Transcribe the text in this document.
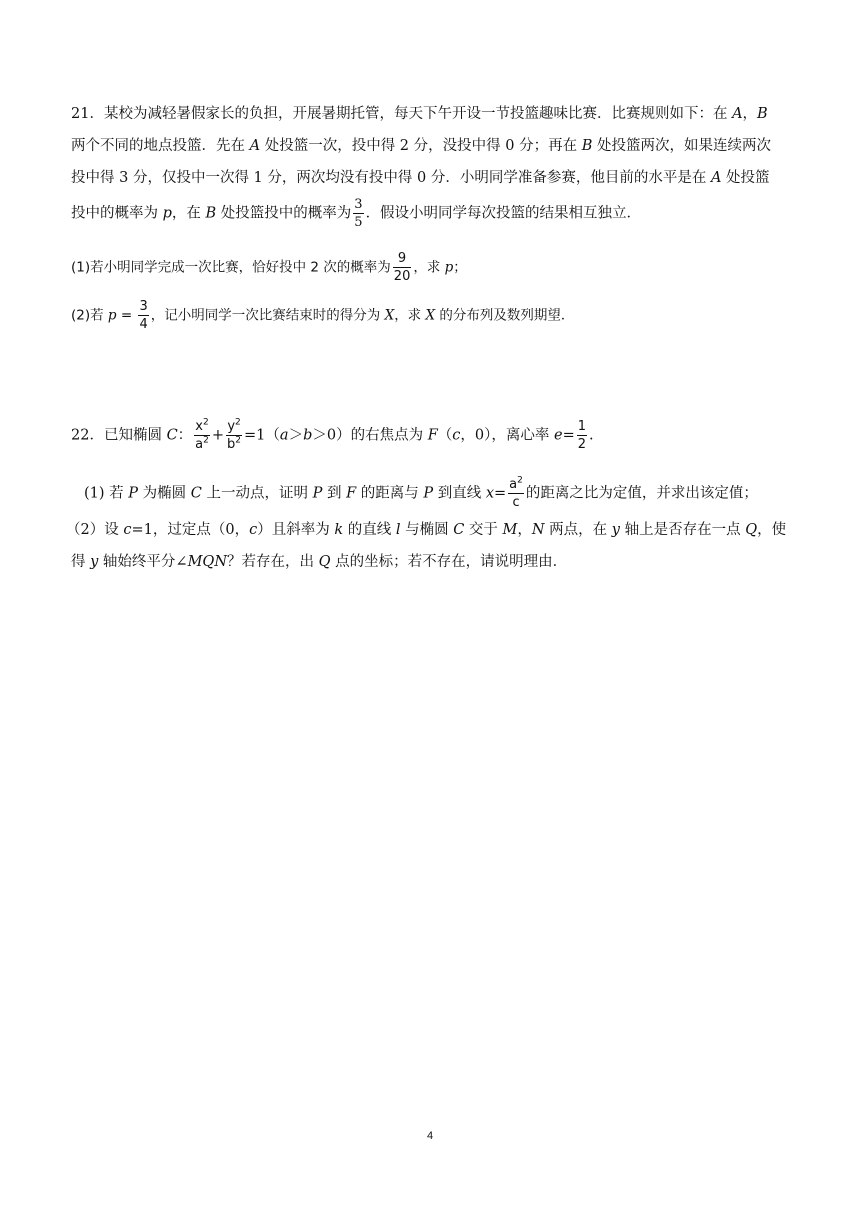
21．某校为减轻暑假家长的负担，开展暑期托管，每天下午开设一节投篮趣味比赛．比赛规则如下：在 A，B
两个不同的地点投篮．先在 A 处投篮一次，投中得 2 分，没投中得 0 分；再在 B 处投篮两次，如果连续两次
投中得 3 分，仅投中一次得 1 分，两次均没有投中得 0 分．小明同学准备参赛，他目前的水平是在 A 处投篮
投中的概率为 p，在 B 处投篮投中的概率为 $\frac{3}{5}$ ．假设小明同学每次投篮的结果相互独立．
(1)若小明同学完成一次比赛，恰好投中 2 次的概率为 $\frac{9}{20}$ ，求 p；
(2)若 $p = \frac{3}{4}$ ，记小明同学一次比赛结束时的得分为 X，求 X 的分布列及数列期望．
22．已知椭圆 C： $\frac{x^2}{a^2} + \frac{y^2}{b^2} =1(a>b>0)$的右焦点为 F（c，0），离心率 $e= \frac{1}{2}$ .
(1) 若 P 为椭圆 C 上一动点，证明 P 到 F 的距离与 P 到直线 $x= \frac{a^2}{c}$ 的距离之比为定值，并求出该定值；
（2）设 c=1，过定点（0，c）且斜率为 k 的直线 l 与椭圆 C 交于 M，N 两点，在 y 轴上是否存在一点 Q，使
得 y 轴始终平分∠MQN？若存在，出 Q 点的坐标；若不存在，请说明理由．
4
